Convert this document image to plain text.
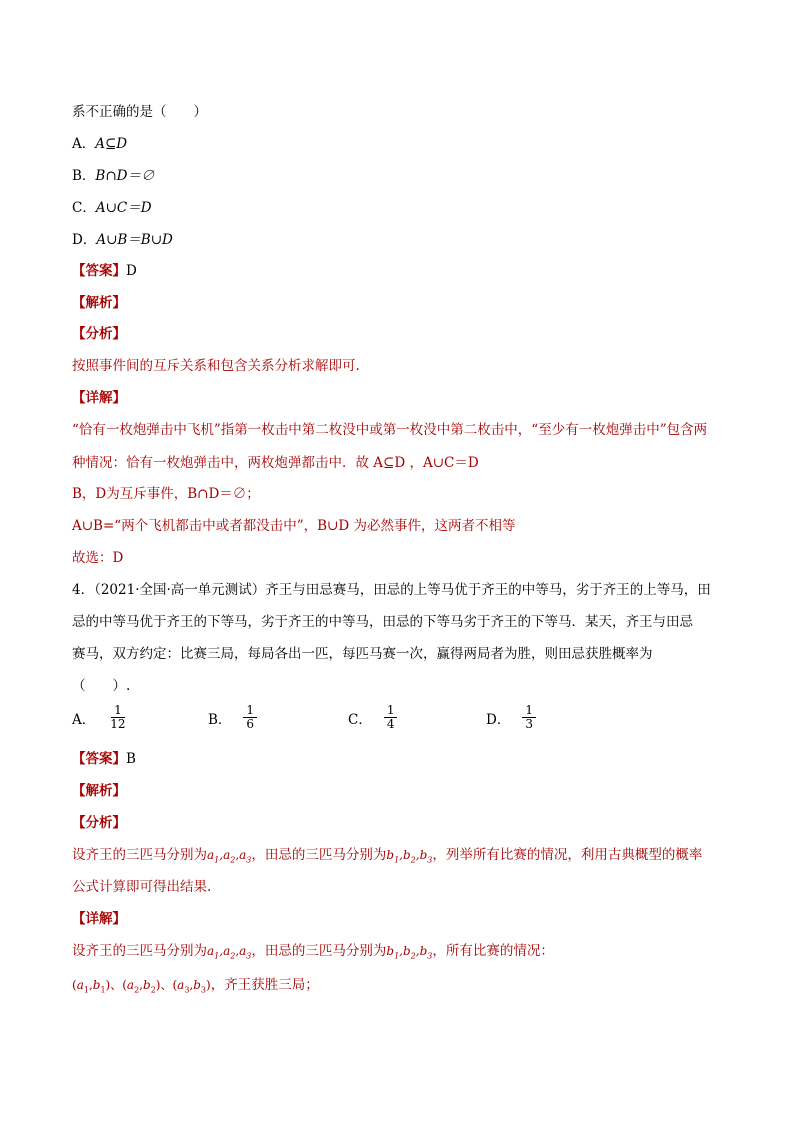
系不正确的是（　　）
A．A⊆D
B．B∩D＝∅
C．A∪C＝D
D．A∪B＝B∪D
【答案】D
【解析】
【分析】
按照事件间的互斥关系和包含关系分析求解即可.
【详解】
“恰有一枚炮弹击中飞机”指第一枚击中第二枚没中或第一枚没中第二枚击中，“至少有一枚炮弹击中”包含两
种情况：恰有一枚炮弹击中，两枚炮弹都击中．故 A⊆D ，A∪C＝D
B，D为互斥事件，B∩D＝∅；
A∪B=“两个飞机都击中或者都没击中”，B∪D 为必然事件，这两者不相等
故选：D
4．（2021·全国·高一单元测试）齐王与田忌赛马，田忌的上等马优于齐王的中等马，劣于齐王的上等马，田
忌的中等马优于齐王的下等马，劣于齐王的中等马，田忌的下等马劣于齐王的下等马．某天，齐王与田忌
赛马，双方约定：比赛三局，每局各出一匹，每匹马赛一次，赢得两局者为胜，则田忌获胜概率为
（　　）.
A． $\frac{1}{12}$	B． $\frac{1}{6}$	C． $\frac{1}{4}$	D． $\frac{1}{3}$
【答案】B
【解析】
【分析】
设齐王的三匹马分别为$a_1,a_2,a_3$，田忌的三匹马分别为$b_1,b_2,b_3$，列举所有比赛的情况，利用古典概型的概率
公式计算即可得出结果.
【详解】
设齐王的三匹马分别为$a_1,a_2,a_3$，田忌的三匹马分别为$b_1,b_2,b_3$，所有比赛的情况：
$(a_1,b_1)$、$(a_2,b_2)$、$(a_3,b_3)$，齐王获胜三局；
